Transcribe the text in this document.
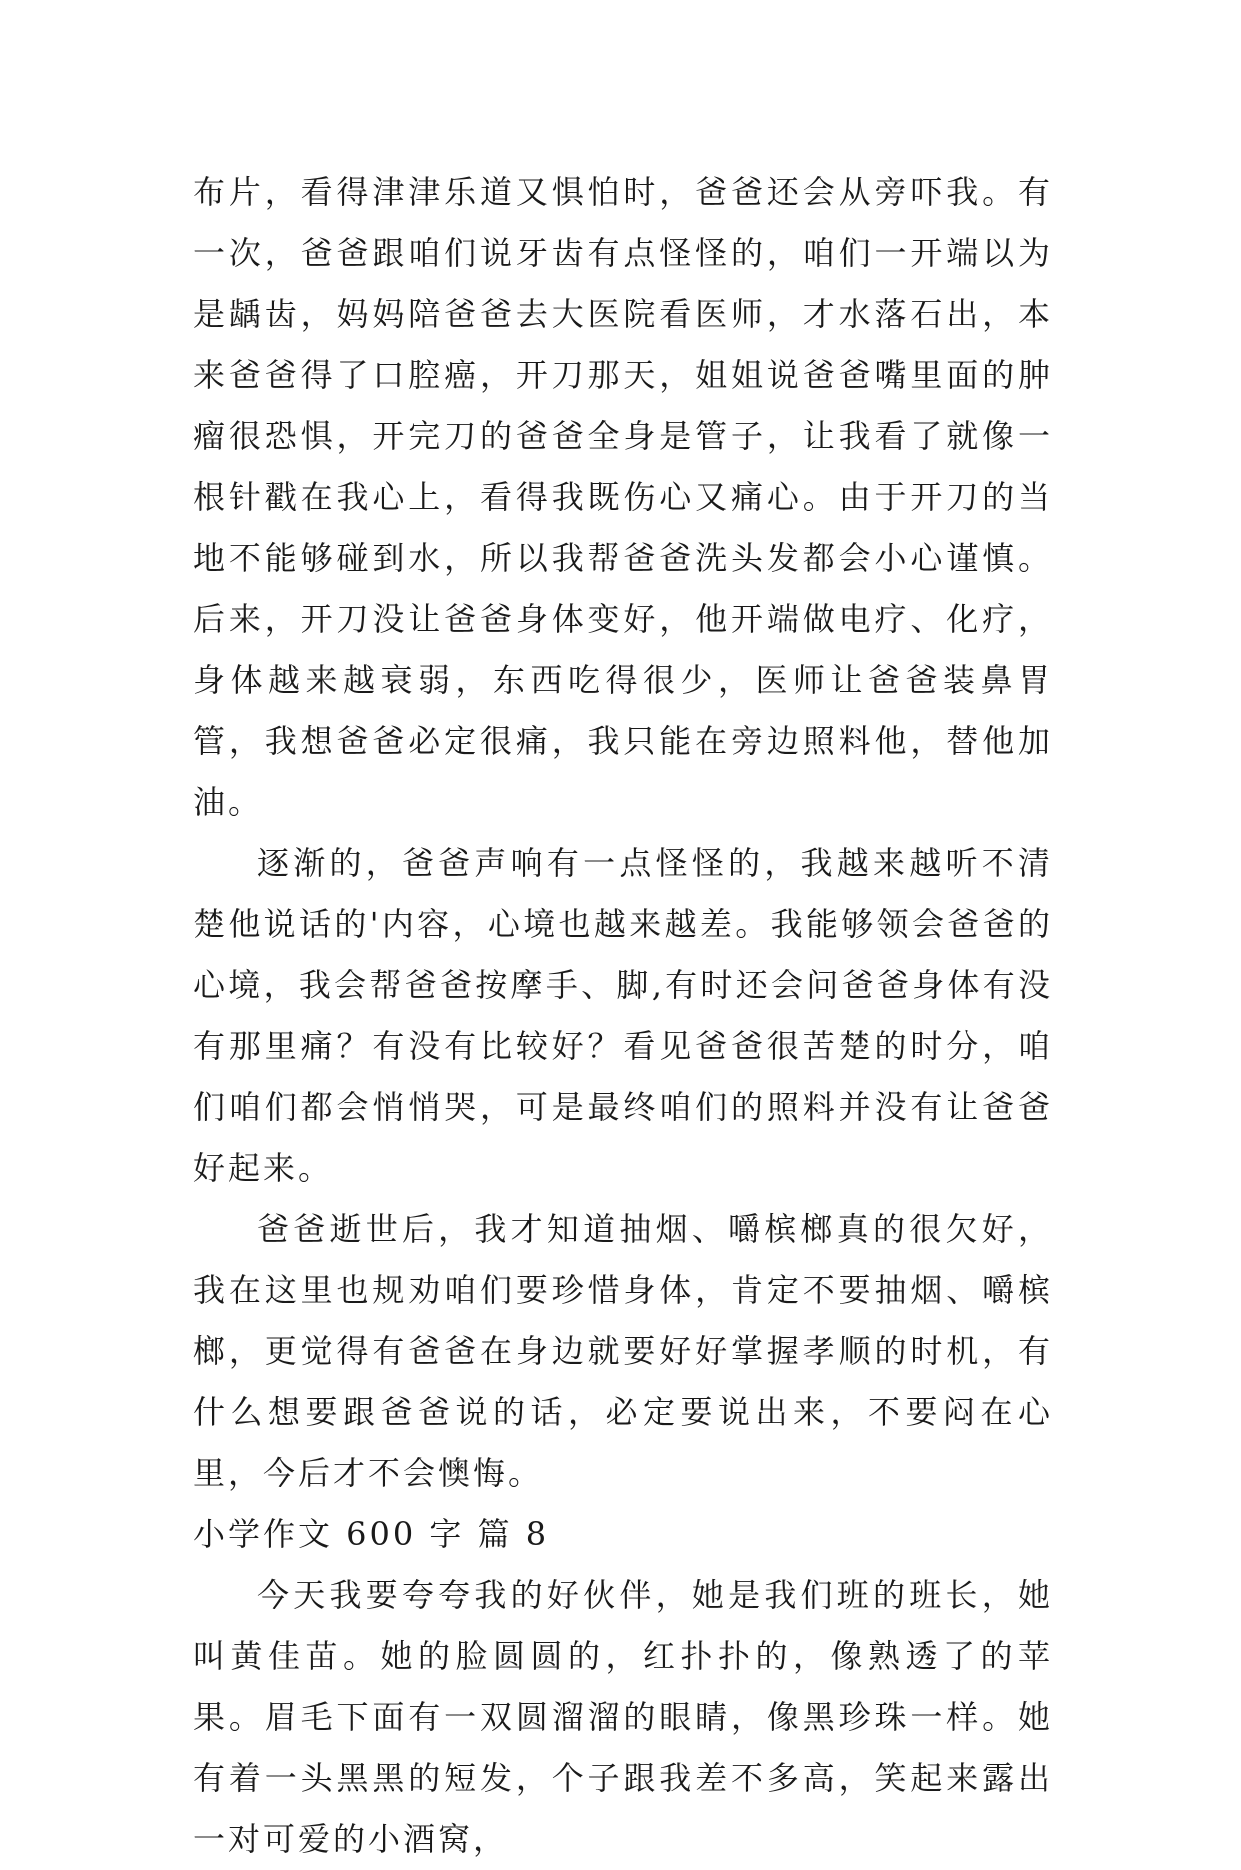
布片，看得津津乐道又惧怕时，爸爸还会从旁吓我。有一次，爸爸跟咱们说牙齿有点怪怪的，咱们一开端以为是龋齿，妈妈陪爸爸去大医院看医师，才水落石出，本来爸爸得了口腔癌，开刀那天，姐姐说爸爸嘴里面的肿瘤很恐惧，开完刀的爸爸全身是管子，让我看了就像一根针戳在我心上，看得我既伤心又痛心。由于开刀的当地不能够碰到水，所以我帮爸爸洗头发都会小心谨慎。后来，开刀没让爸爸身体变好，他开端做电疗、化疗，身体越来越衰弱，东西吃得很少，医师让爸爸装鼻胃管，我想爸爸必定很痛，我只能在旁边照料他，替他加油。

逐渐的，爸爸声响有一点怪怪的，我越来越听不清楚他说话的'内容，心境也越来越差。我能够领会爸爸的心境，我会帮爸爸按摩手、脚,有时还会问爸爸身体有没有那里痛？有没有比较好？看见爸爸很苦楚的时分，咱们咱们都会悄悄哭，可是最终咱们的照料并没有让爸爸好起来。

爸爸逝世后，我才知道抽烟、嚼槟榔真的很欠好，我在这里也规劝咱们要珍惜身体，肯定不要抽烟、嚼槟榔，更觉得有爸爸在身边就要好好掌握孝顺的时机，有什么想要跟爸爸说的话，必定要说出来，不要闷在心里，今后才不会懊悔。

小学作文 600 字 篇 8

今天我要夸夸我的好伙伴，她是我们班的班长，她叫黄佳苗。她的脸圆圆的，红扑扑的，像熟透了的苹果。眉毛下面有一双圆溜溜的眼睛，像黑珍珠一样。她有着一头黑黑的短发，个子跟我差不多高，笑起来露出一对可爱的小酒窝，
